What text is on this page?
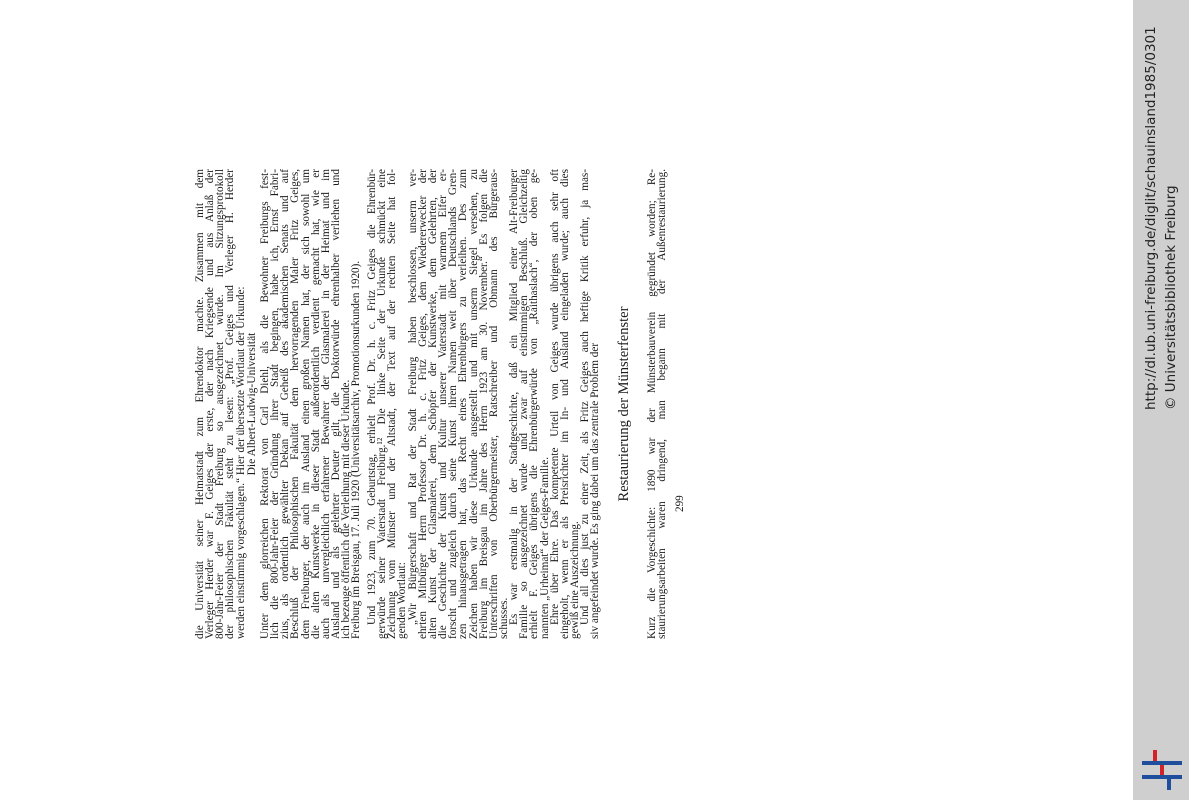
die Universität seiner Heimatstadt zum Ehrendoktor machte. Zusammen mit dem
Verleger Herder war F. Geiges der erste, der nach Kriegsende und aus Anlaß der
800-Jahr-Feier der Stadt Freiburg so ausgezeichnet wurde. Im Sitzungsprotokoll
der philosophischen Fakultät steht zu lesen: „Prof. Geiges und Verleger H. Herder
werden einstimmig vorgeschlagen.“ Hier der übersetzte Wortlaut der Urkunde: Die Albert-Ludwig-Universität Unter dem glorreichen Rektorat von Carl Diehl, als die Bewohner Freiburgs fest-
lich die 800-Jahr-Feier der Gründung ihrer Stadt begingen, habe ich, Ernst Fabri-
zius, als ordentlich gewählter Dekan auf Geheiß des akademischen Senats und auf
Beschluß der Philosophischen Fakultät dem hervorragenden Maler Fritz Geiges,
dem Freiburger, der auch im Ausland einen großen Namen hat, der sich sowohl um
die alten Kunstwerke in dieser Stadt außerordentlich verdient gemacht hat, wie er
auch als unvergleichlich erfahrener Bewahrer der Glasmalerei in der Heimat und im
Ausland und als gelehrter Deuter gilt, die Doktorwürde ehrenhalber verliehen und
ich bezeuge öffentlich die Verleihung mit dieser Urkunde.
Freiburg im Breisgau, 17. Juli 1920 (Universitätsarchiv, Promotionsurkunden 1920). Und 1923, zum 70. Geburtstag, erhielt Prof. Dr. h. c. Fritz Geiges die Ehrenbür-
gerwürde seiner Vaterstadt Freiburg.¹² Die linke Seite der Urkunde schmückt eine
Zeichnung vom Münster und der Altstadt, der Text auf der rechten Seite hat fol-
genden Wortlaut:
„Wir Bürgerschaft und Rat der Stadt Freiburg haben beschlossen, unserm ver-
ehrten Mitbürger Herrn Professor Dr. h. c. Fritz Geiges, dem Wiedererwecker der
alten Kunst der Glasmalerei, dem Schöpfer der Kunstwerke, dem Gelehrten, der
die Geschichte der Kunst und Kultur unserer Vaterstadt mit warmem Eifer er-
forscht und zugleich durch seine Kunst ihren Namen weit über Deutschlands Gren-
zen hinausgetragen hat, das Recht eines Ehrenbürgers zu verleihen. Des zum
Zeichen haben wir diese Urkunde ausgestellt und mit unserm Siegel versehen, zu
Freiburg im Breisgau im Jahre des Herrn 1923 am 30. November.“ Es folgen die
Unterschriften von Oberbürgermeister, Ratschreiber und Obmann des Bürgeraus-
schusses.
Es war erstmalig in der Stadtgeschichte, daß ein Mitglied einer Alt-Freiburger
Familie so ausgezeichnet wurde und zwar auf einstimmigen Beschluß. Gleichzeitig
erhielt F. Geiges übrigens die Ehrenbürgerwürde von „Raithaslach“, der oben ge-
nannten „Urheimat“ der Geiges-Familie.
Ehre über Ehre. Das kompetente Urteil von Geiges wurde übrigens auch sehr oft
eingeholt, wenn er als Preisrichter im In- und Ausland eingeladen wurde; auch dies
gewiß eine Auszeichnung.
Und all dies just zu einer Zeit, als Fritz Geiges auch heftige Kritik erfuhr, ja mas-
siv angefeindet wurde. Es ging dabei um das zentrale Problem der Restaurierung der Münsterfenster Kurz die Vorgeschichte: 1890 war der Münsterbauverein gegründet worden; Re-
staurierungsarbeiten waren dringend, man begann mit der Außenrestaurierung. 299
http://dl.ub.uni-freiburg.de/diglit/schauinsland1985/0301 © Universitätsbibliothek Freiburg
